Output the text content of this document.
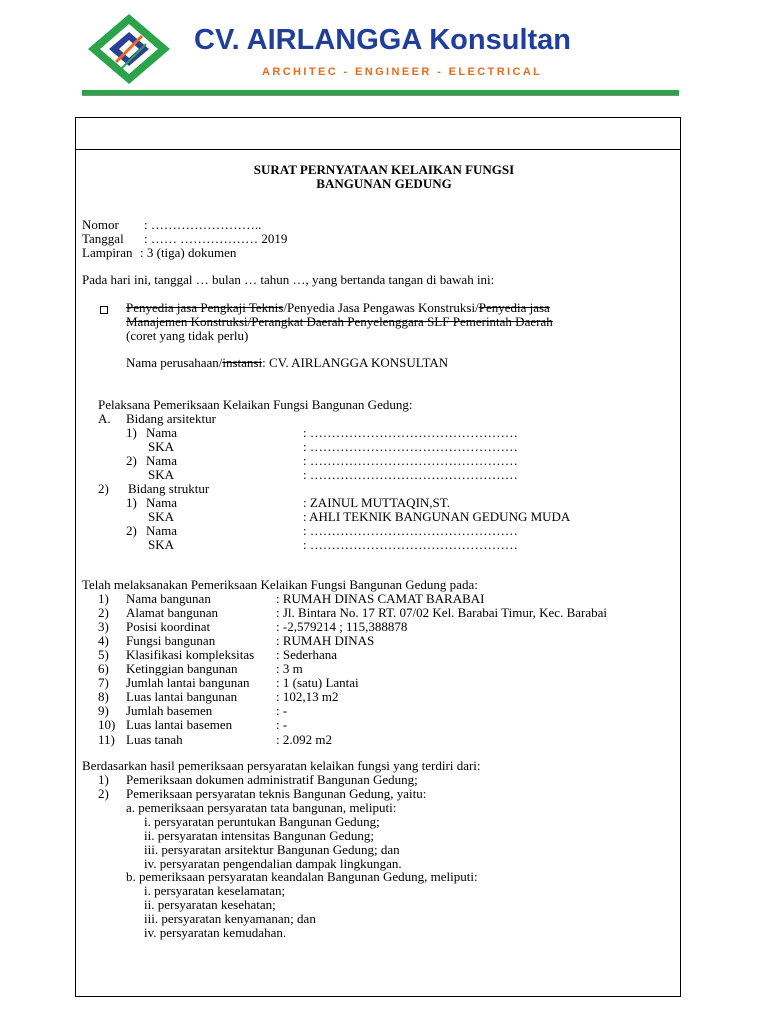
CV. AIRLANGGA Konsultan
ARCHITEC - ENGINEER - ELECTRICAL
SURAT PERNYATAAN KELAIKAN FUNGSI
BANGUNAN GEDUNG
Nomor : ……………………..
Tanggal : …… ……………… 2019
Lampiran : 3 (tiga) dokumen
Pada hari ini, tanggal … bulan … tahun …, yang bertanda tangan di bawah ini:
Penyedia jasa Pengkaji Teknis/Penyedia Jasa Pengawas Konstruksi/Penyedia jasa
Manajemen Konstruksi/Perangkat Daerah Penyelenggara SLF Pemerintah Daerah
(coret yang tidak perlu)
Nama perusahaan/instansi: CV. AIRLANGGA KONSULTAN
Pelaksana Pemeriksaan Kelaikan Fungsi Bangunan Gedung:
A. Bidang arsitektur
1) Nama	: …………………………………………
SKA	: …………………………………………
2) Nama	: …………………………………………
SKA	: …………………………………………
2) Bidang struktur
1) Nama	: ZAINUL MUTTAQIN,ST.
SKA	: AHLI TEKNIK BANGUNAN GEDUNG MUDA
2) Nama	: …………………………………………
SKA	: …………………………………………
Telah melaksanakan Pemeriksaan Kelaikan Fungsi Bangunan Gedung pada:
1) Nama bangunan	: RUMAH DINAS CAMAT BARABAI
2) Alamat bangunan	: Jl. Bintara No. 17 RT. 07/02 Kel. Barabai Timur, Kec. Barabai
3) Posisi koordinat	: -2,579214 ; 115,388878
4) Fungsi bangunan	: RUMAH DINAS
5) Klasifikasi kompleksitas : Sederhana
6) Ketinggian bangunan	: 3 m
7) Jumlah lantai bangunan : 1 (satu) Lantai
8) Luas lantai bangunan	: 102,13 m2
9) Jumlah basemen	: -
10) Luas lantai basemen	: -
11) Luas tanah	: 2.092 m2
Berdasarkan hasil pemeriksaan persyaratan kelaikan fungsi yang terdiri dari:
1) Pemeriksaan dokumen administratif Bangunan Gedung;
2) Pemeriksaan persyaratan teknis Bangunan Gedung, yaitu:
a. pemeriksaan persyaratan tata bangunan, meliputi:
i. persyaratan peruntukan Bangunan Gedung;
ii. persyaratan intensitas Bangunan Gedung;
iii. persyaratan arsitektur Bangunan Gedung; dan
iv. persyaratan pengendalian dampak lingkungan.
b. pemeriksaan persyaratan keandalan Bangunan Gedung, meliputi:
i. persyaratan keselamatan;
ii. persyaratan kesehatan;
iii. persyaratan kenyamanan; dan
iv. persyaratan kemudahan.
